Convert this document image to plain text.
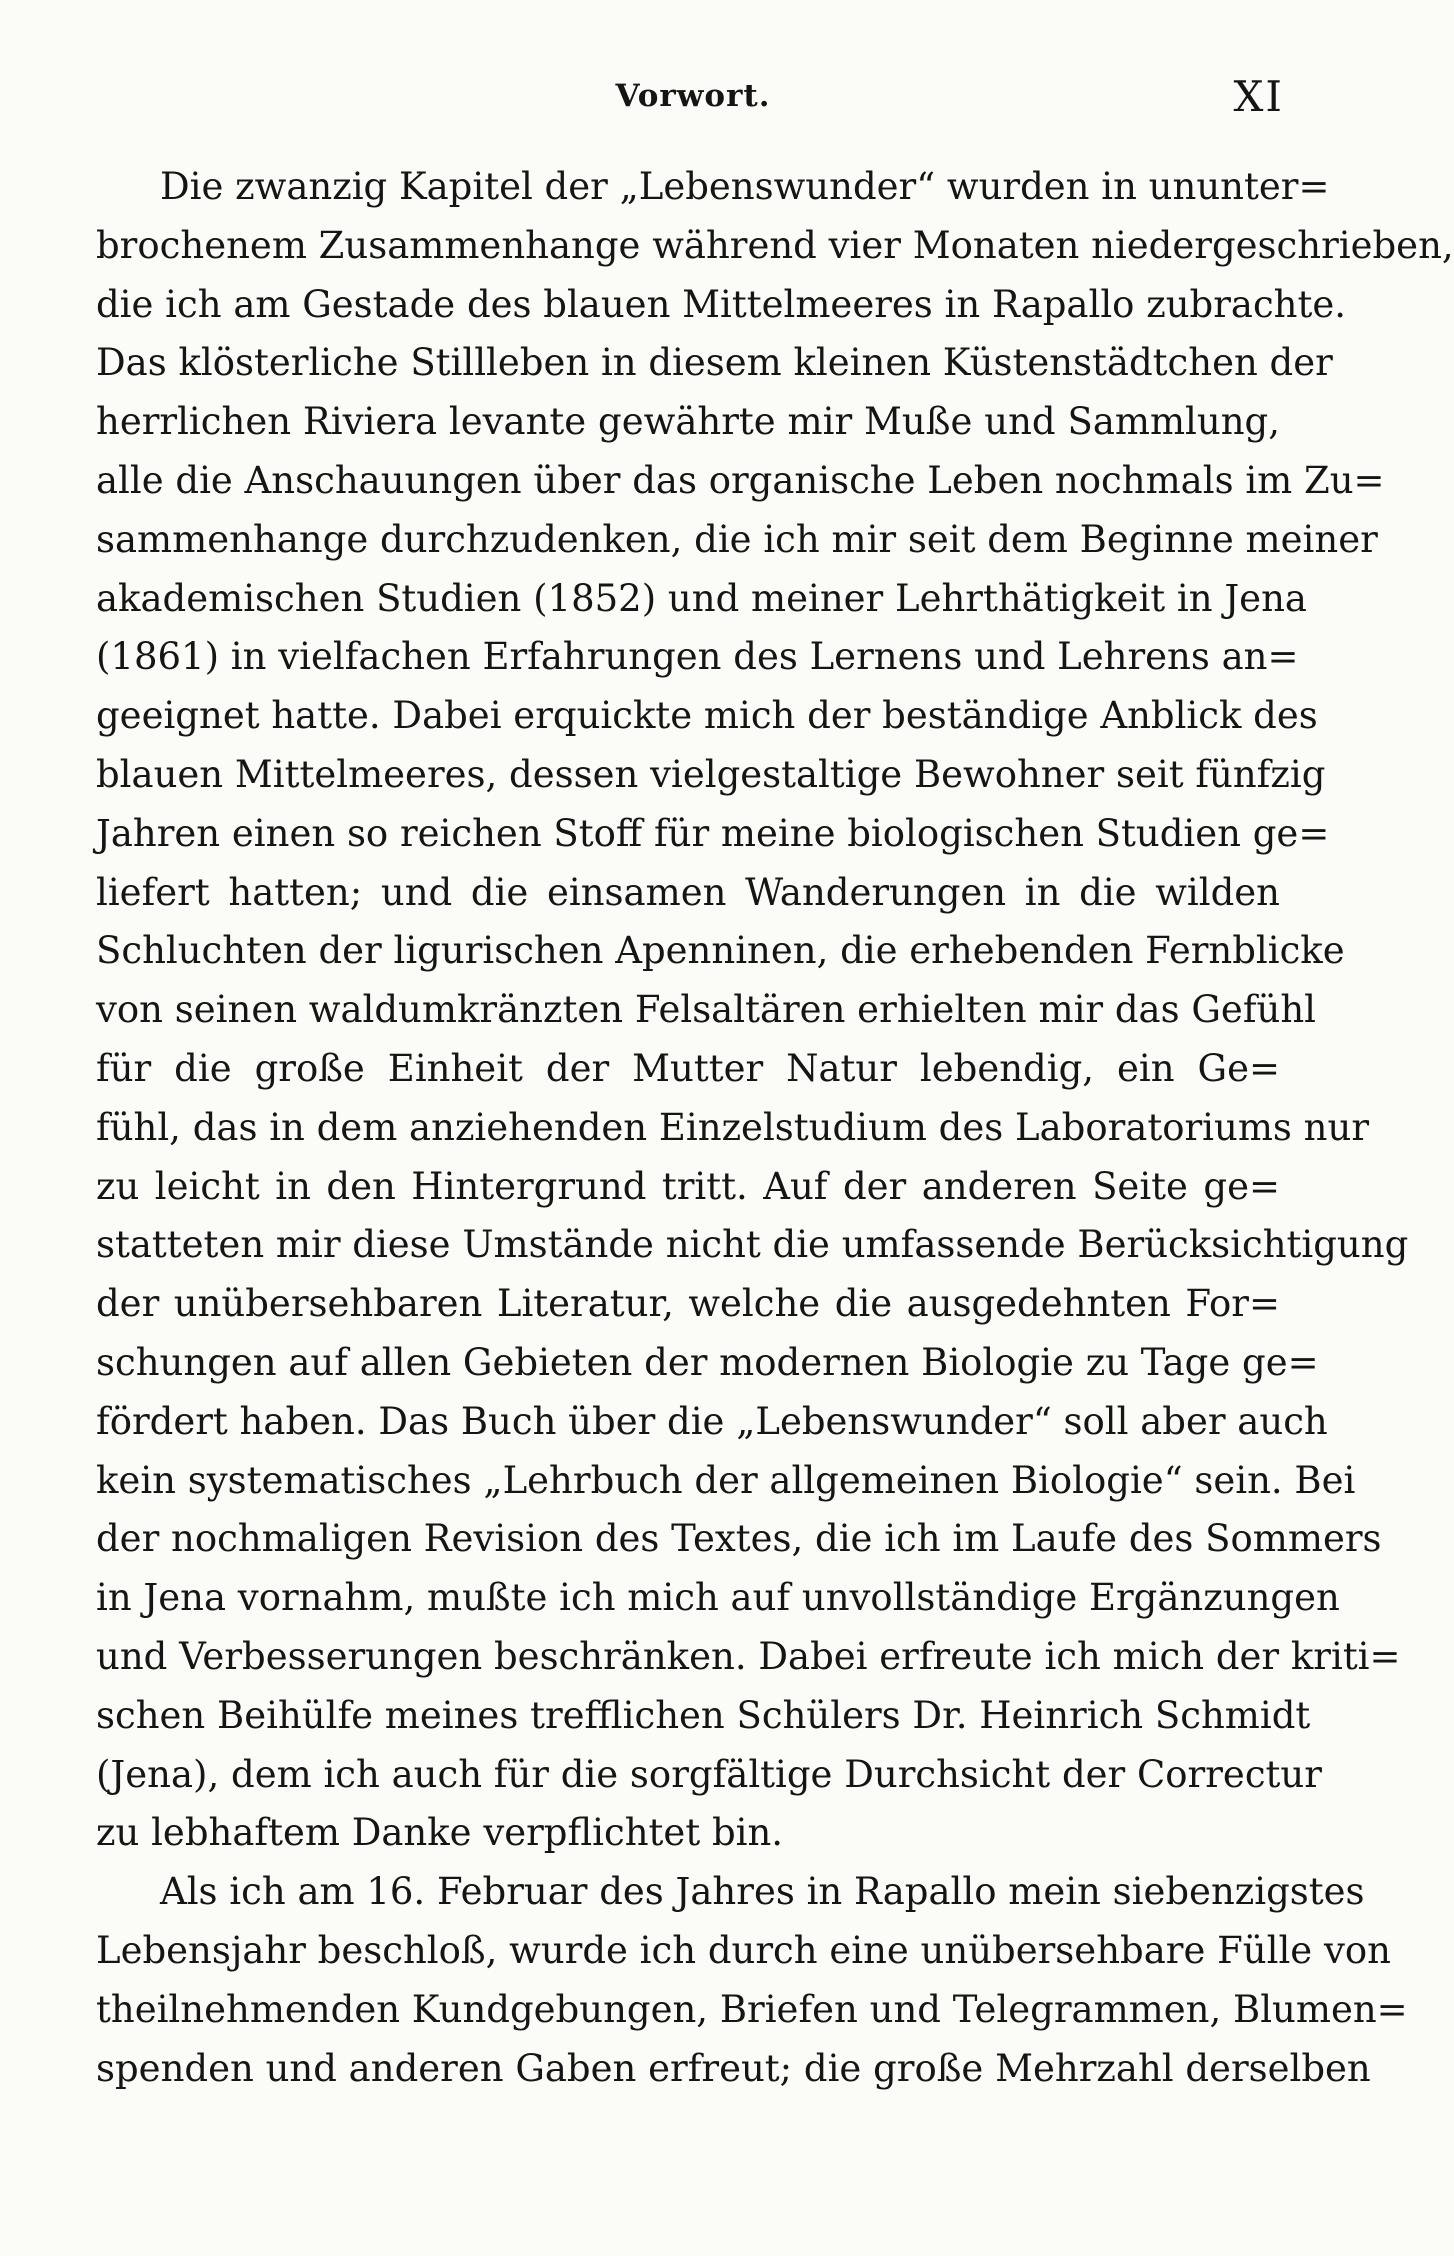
Vorwort.	XI
Die zwanzig Kapitel der „Lebenswunder“ wurden in ununter=
brochenem Zusammenhange während vier Monaten niedergeschrieben,
die ich am Gestade des blauen Mittelmeeres in Rapallo zubrachte.
Das klösterliche Stillleben in diesem kleinen Küstenstädtchen der
herrlichen Riviera levante gewährte mir Muße und Sammlung,
alle die Anschauungen über das organische Leben nochmals im Zu=
sammenhange durchzudenken, die ich mir seit dem Beginne meiner
akademischen Studien (1852) und meiner Lehrthätigkeit in Jena
(1861) in vielfachen Erfahrungen des Lernens und Lehrens an=
geeignet hatte. Dabei erquickte mich der beständige Anblick des
blauen Mittelmeeres, dessen vielgestaltige Bewohner seit fünfzig
Jahren einen so reichen Stoff für meine biologischen Studien ge=
liefert hatten; und die einsamen Wanderungen in die wilden
Schluchten der ligurischen Apenninen, die erhebenden Fernblicke
von seinen waldumkränzten Felsaltären erhielten mir das Gefühl
für die große Einheit der Mutter Natur lebendig, ein Ge=
fühl, das in dem anziehenden Einzelstudium des Laboratoriums nur
zu leicht in den Hintergrund tritt. Auf der anderen Seite ge=
statteten mir diese Umstände nicht die umfassende Berücksichtigung
der unübersehbaren Literatur, welche die ausgedehnten For=
schungen auf allen Gebieten der modernen Biologie zu Tage ge=
fördert haben. Das Buch über die „Lebenswunder“ soll aber auch
kein systematisches „Lehrbuch der allgemeinen Biologie“ sein. Bei
der nochmaligen Revision des Textes, die ich im Laufe des Sommers
in Jena vornahm, mußte ich mich auf unvollständige Ergänzungen
und Verbesserungen beschränken. Dabei erfreute ich mich der kriti=
schen Beihülfe meines trefflichen Schülers Dr. Heinrich Schmidt
(Jena), dem ich auch für die sorgfältige Durchsicht der Correctur
zu lebhaftem Danke verpflichtet bin.
Als ich am 16. Februar des Jahres in Rapallo mein siebenzigstes
Lebensjahr beschloß, wurde ich durch eine unübersehbare Fülle von
theilnehmenden Kundgebungen, Briefen und Telegrammen, Blumen=
spenden und anderen Gaben erfreut; die große Mehrzahl derselben
